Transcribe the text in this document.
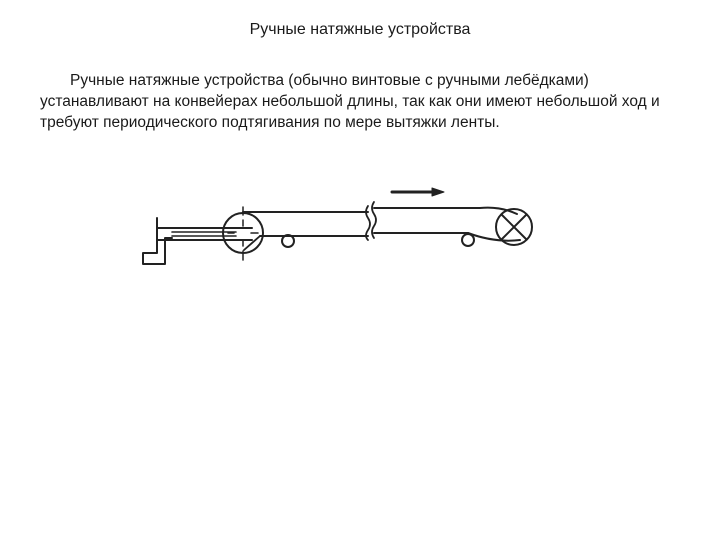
Ручные натяжные устройства

Ручные натяжные устройства (обычно винтовые с ручными лебёдками) устанавливают на конвейерах небольшой длины, так как они имеют небольшой ход и требуют периодического подтягивания по мере вытяжки ленты.
